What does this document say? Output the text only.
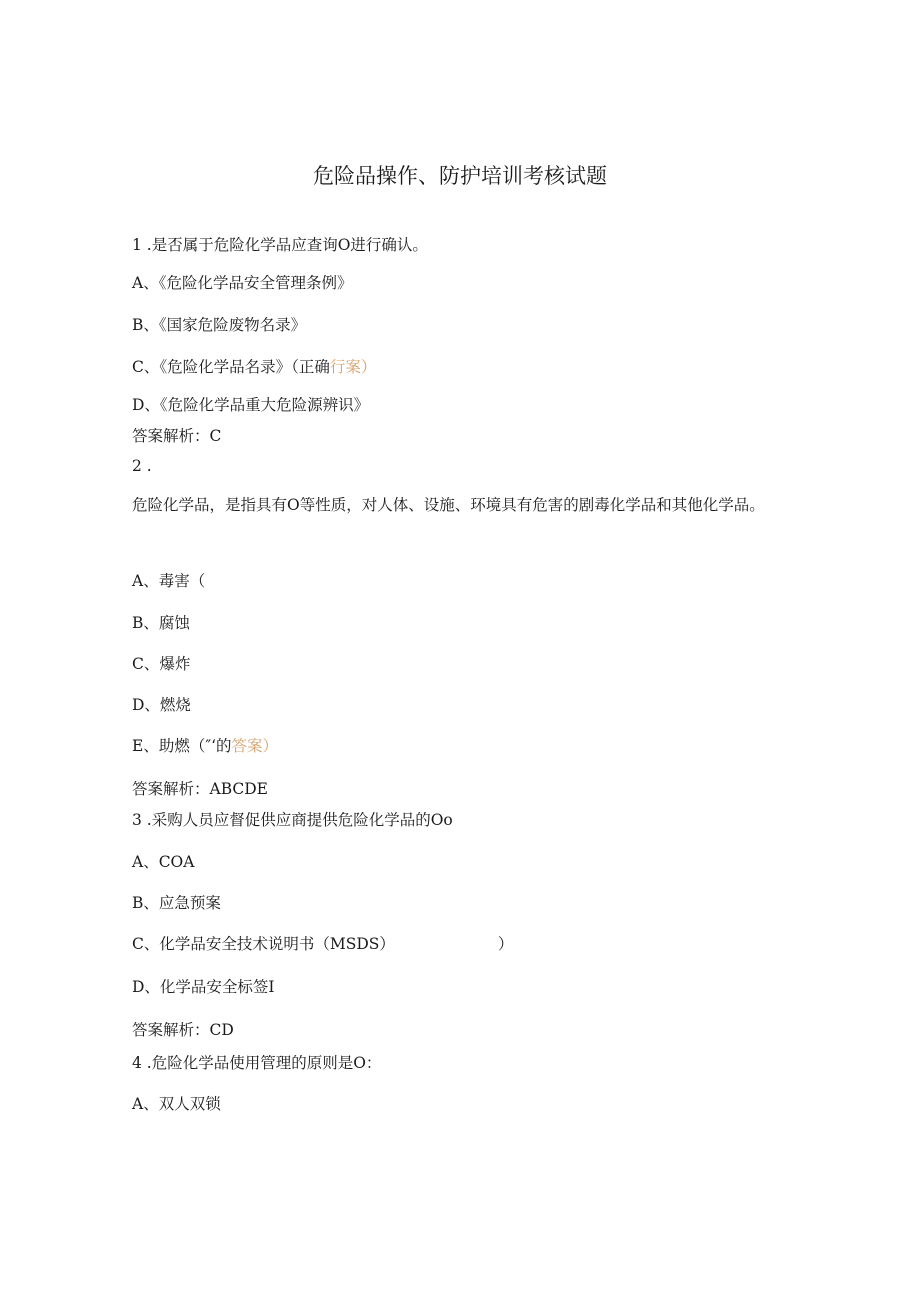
危险品操作、防护培训考核试题
1 .是否属于危险化学品应查询O进行确认。
A、《危险化学品安全管理条例》
B、《国家危险废物名录》
C、《危险化学品名录》（正确行案）
D、《危险化学品重大危险源辨识》
答案解析：C
2 .
危险化学品，是指具有O等性质，对人体、设施、环境具有危害的剧毒化学品和其他化学品。
A、毒害（
B、腐蚀
C、爆炸
D、燃烧
E、助燃（″‘的答案）
答案解析：ABCDE
3 .采购人员应督促供应商提供危险化学品的Oo
A、COA
B、应急预案
C、化学品安全技术说明书（MSDS）	）
D、化学品安全标签I
答案解析：CD
4 .危险化学品使用管理的原则是O：
A、双人双锁
